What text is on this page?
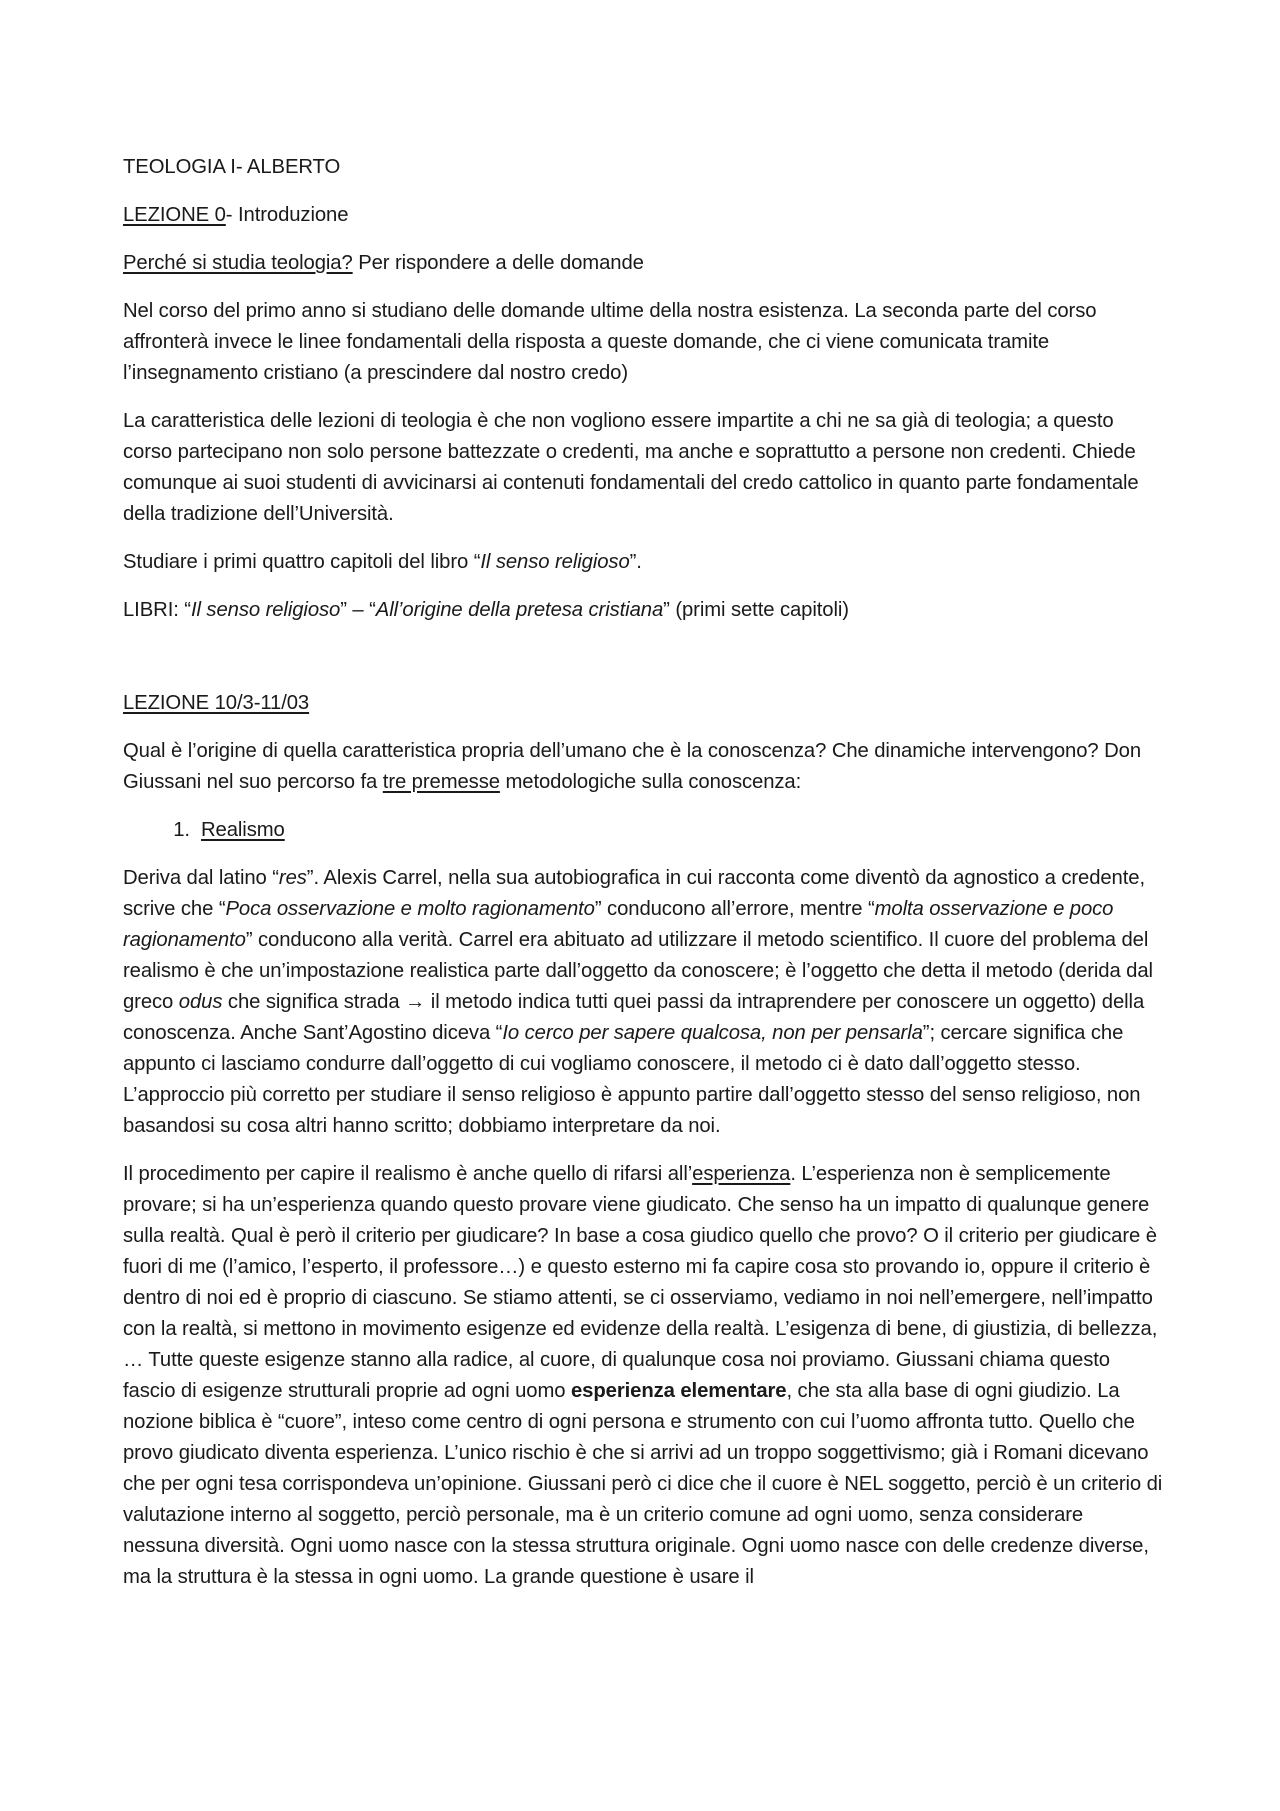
TEOLOGIA I- ALBERTO

LEZIONE 0- Introduzione

Perché si studia teologia? Per rispondere a delle domande

Nel corso del primo anno si studiano delle domande ultime della nostra esistenza. La seconda parte del corso affronterà invece le linee fondamentali della risposta a queste domande, che ci viene comunicata tramite l’insegnamento cristiano (a prescindere dal nostro credo)

La caratteristica delle lezioni di teologia è che non vogliono essere impartite a chi ne sa già di teologia; a questo corso partecipano non solo persone battezzate o credenti, ma anche e soprattutto a persone non credenti. Chiede comunque ai suoi studenti di avvicinarsi ai contenuti fondamentali del credo cattolico in quanto parte fondamentale della tradizione dell’Università.

Studiare i primi quattro capitoli del libro “Il senso religioso”.

LIBRI: “Il senso religioso” – “All’origine della pretesa cristiana” (primi sette capitoli)

LEZIONE 10/3-11/03

Qual è l’origine di quella caratteristica propria dell’umano che è la conoscenza? Che dinamiche intervengono? Don Giussani nel suo percorso fa tre premesse metodologiche sulla conoscenza:

1. Realismo

Deriva dal latino “res”. Alexis Carrel, nella sua autobiografica in cui racconta come diventò da agnostico a credente, scrive che “Poca osservazione e molto ragionamento” conducono all’errore, mentre “molta osservazione e poco ragionamento” conducono alla verità. Carrel era abituato ad utilizzare il metodo scientifico. Il cuore del problema del realismo è che un’impostazione realistica parte dall’oggetto da conoscere; è l’oggetto che detta il metodo (derida dal greco odus che significa strada → il metodo indica tutti quei passi da intraprendere per conoscere un oggetto) della conoscenza. Anche Sant’Agostino diceva “Io cerco per sapere qualcosa, non per pensarla”; cercare significa che appunto ci lasciamo condurre dall’oggetto di cui vogliamo conoscere, il metodo ci è dato dall’oggetto stesso. L’approccio più corretto per studiare il senso religioso è appunto partire dall’oggetto stesso del senso religioso, non basandosi su cosa altri hanno scritto; dobbiamo interpretare da noi.

Il procedimento per capire il realismo è anche quello di rifarsi all’esperienza. L’esperienza non è semplicemente provare; si ha un’esperienza quando questo provare viene giudicato. Che senso ha un impatto di qualunque genere sulla realtà. Qual è però il criterio per giudicare? In base a cosa giudico quello che provo? O il criterio per giudicare è fuori di me (l’amico, l’esperto, il professore…) e questo esterno mi fa capire cosa sto provando io, oppure il criterio è dentro di noi ed è proprio di ciascuno. Se stiamo attenti, se ci osserviamo, vediamo in noi nell’emergere, nell’impatto con la realtà, si mettono in movimento esigenze ed evidenze della realtà. L’esigenza di bene, di giustizia, di bellezza, … Tutte queste esigenze stanno alla radice, al cuore, di qualunque cosa noi proviamo. Giussani chiama questo fascio di esigenze strutturali proprie ad ogni uomo esperienza elementare, che sta alla base di ogni giudizio. La nozione biblica è “cuore”, inteso come centro di ogni persona e strumento con cui l’uomo affronta tutto. Quello che provo giudicato diventa esperienza. L’unico rischio è che si arrivi ad un troppo soggettivismo; già i Romani dicevano che per ogni tesa corrispondeva un’opinione. Giussani però ci dice che il cuore è NEL soggetto, perciò è un criterio di valutazione interno al soggetto, perciò personale, ma è un criterio comune ad ogni uomo, senza considerare nessuna diversità. Ogni uomo nasce con la stessa struttura originale. Ogni uomo nasce con delle credenze diverse, ma la struttura è la stessa in ogni uomo. La grande questione è usare il
